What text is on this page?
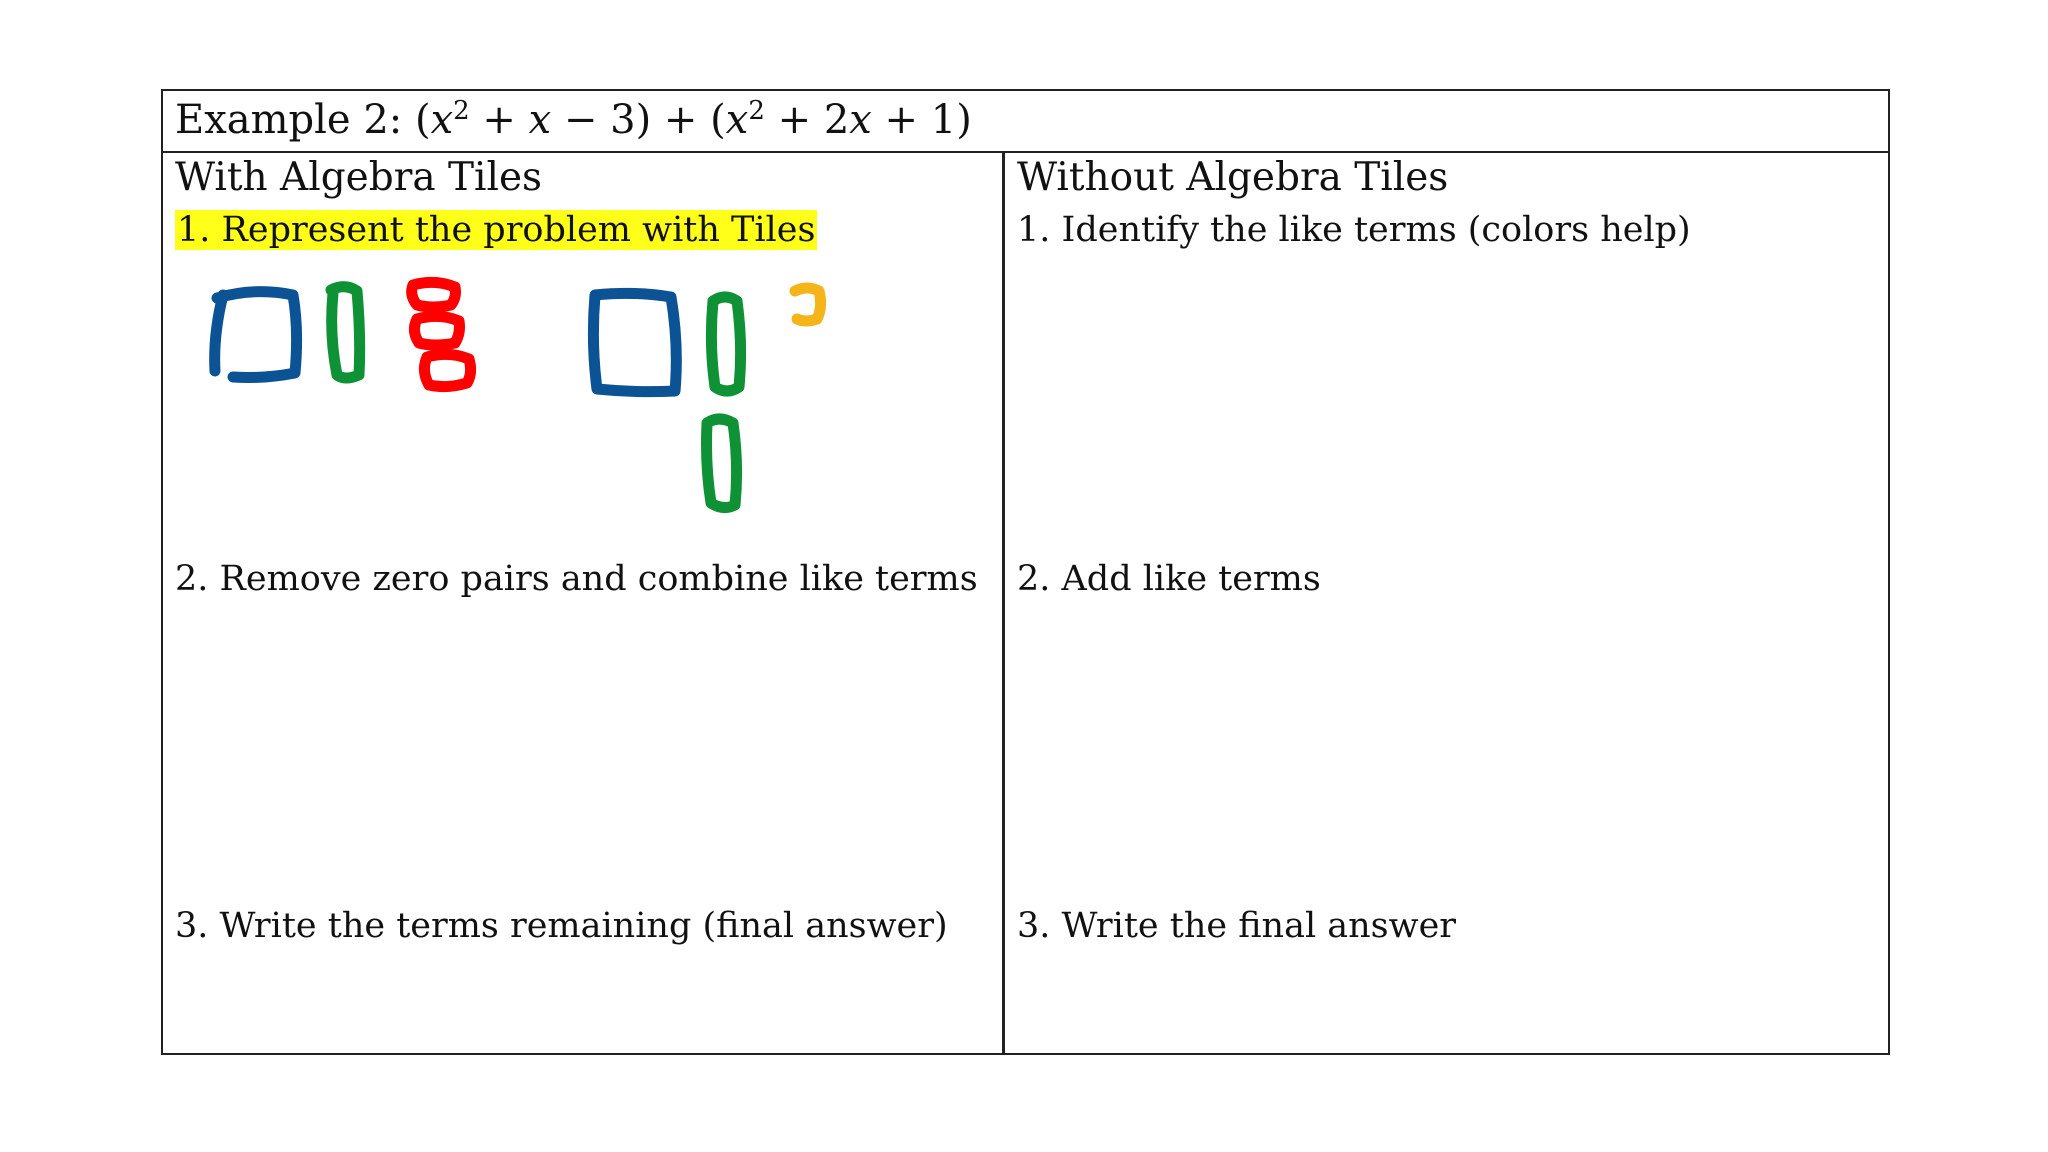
Example 2: $(x^2 + x - 3) + (x^2 + 2x + 1)$
With Algebra Tiles
1. Represent the problem with Tiles
2. Remove zero pairs and combine like terms
3. Write the terms remaining (final answer)
Without Algebra Tiles
1. Identify the like terms (colors help)
2. Add like terms
3. Write the final answer
